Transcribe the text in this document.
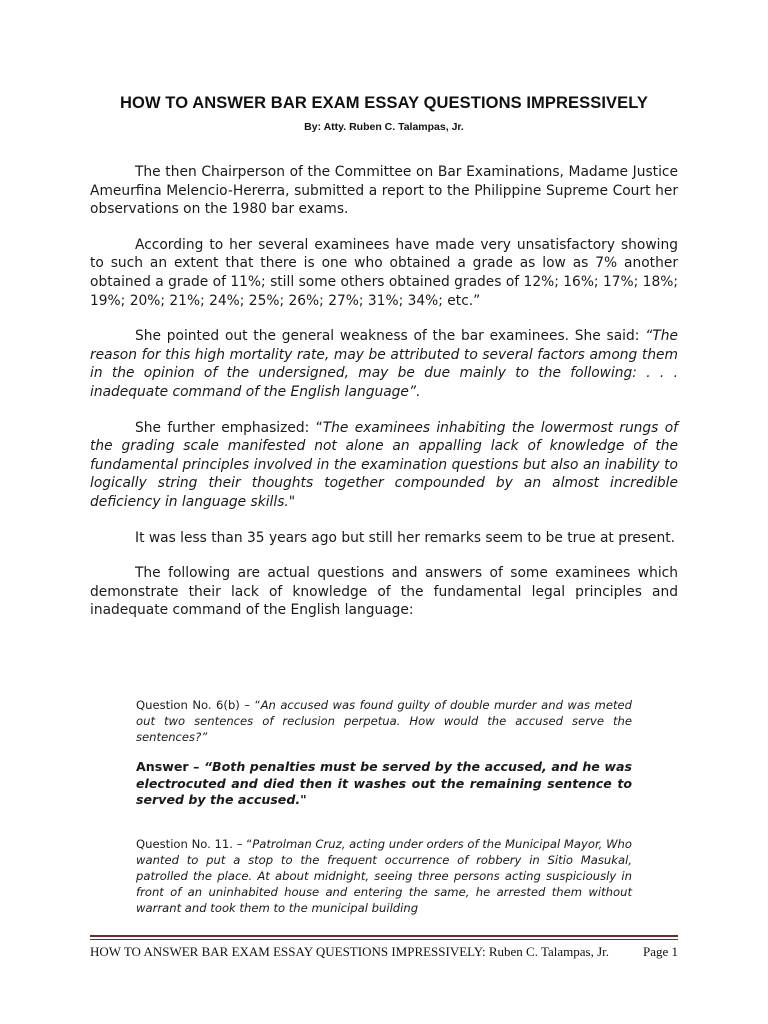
HOW TO ANSWER BAR EXAM ESSAY QUESTIONS IMPRESSIVELY
By: Atty. Ruben C. Talampas, Jr.

The then Chairperson of the Committee on Bar Examinations, Madame Justice Ameurfina Melencio-Hererra, submitted a report to the Philippine Supreme Court her observations on the 1980 bar exams.

According to her several examinees have made very unsatisfactory showing to such an extent that there is one who obtained a grade as low as 7% another obtained a grade of 11%; still some others obtained grades of 12%; 16%; 17%; 18%; 19%; 20%; 21%; 24%; 25%; 26%; 27%; 31%; 34%; etc.”

She pointed out the general weakness of the bar examinees. She said: “The reason for this high mortality rate, may be attributed to several factors among them in the opinion of the undersigned, may be due mainly to the following: . . . inadequate command of the English language”.

She further emphasized: “The examinees inhabiting the lowermost rungs of the grading scale manifested not alone an appalling lack of knowledge of the fundamental principles involved in the examination questions but also an inability to logically string their thoughts together compounded by an almost incredible deficiency in language skills."

It was less than 35 years ago but still her remarks seem to be true at present.

The following are actual questions and answers of some examinees which demonstrate their lack of knowledge of the fundamental legal principles and inadequate command of the English language:

Question No. 6(b) – “An accused was found guilty of double murder and was meted out two sentences of reclusion perpetua. How would the accused serve the sentences?”

Answer – “Both penalties must be served by the accused, and he was electrocuted and died then it washes out the remaining sentence to served by the accused."

Question No. 11. – “Patrolman Cruz, acting under orders of the Municipal Mayor, Who wanted to put a stop to the frequent occurrence of robbery in Sitio Masukal, patrolled the place. At about midnight, seeing three persons acting suspiciously in front of an uninhabited house and entering the same, he arrested them without warrant and took them to the municipal building

HOW TO ANSWER BAR EXAM ESSAY QUESTIONS IMPRESSIVELY: Ruben C. Talampas, Jr.	Page 1
